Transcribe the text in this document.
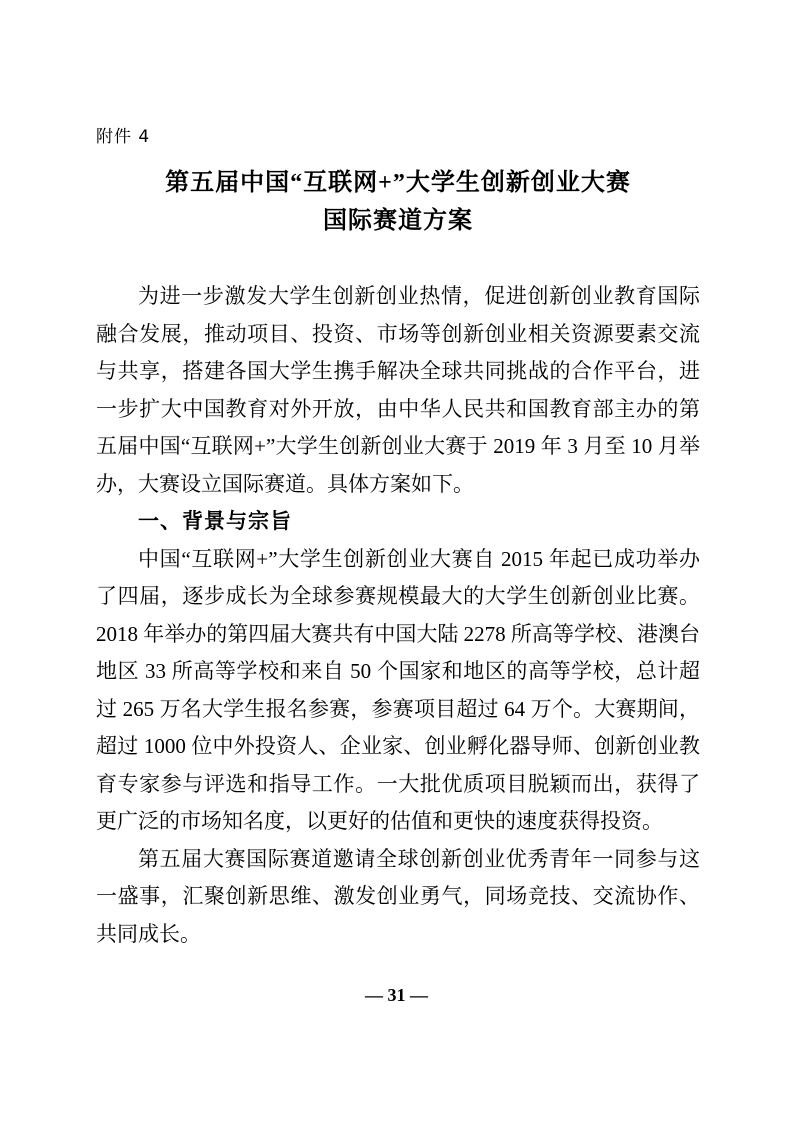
附件 4
第五届中国“互联网+”大学生创新创业大赛
国际赛道方案

为进一步激发大学生创新创业热情，促进创新创业教育国际融合发展，推动项目、投资、市场等创新创业相关资源要素交流与共享，搭建各国大学生携手解决全球共同挑战的合作平台，进一步扩大中国教育对外开放，由中华人民共和国教育部主办的第五届中国“互联网+”大学生创新创业大赛于 2019 年 3 月至 10 月举办，大赛设立国际赛道。具体方案如下。

一、背景与宗旨

中国“互联网+”大学生创新创业大赛自 2015 年起已成功举办了四届，逐步成长为全球参赛规模最大的大学生创新创业比赛。2018 年举办的第四届大赛共有中国大陆 2278 所高等学校、港澳台地区 33 所高等学校和来自 50 个国家和地区的高等学校，总计超过 265 万名大学生报名参赛，参赛项目超过 64 万个。大赛期间，超过 1000 位中外投资人、企业家、创业孵化器导师、创新创业教育专家参与评选和指导工作。一大批优质项目脱颖而出，获得了更广泛的市场知名度，以更好的估值和更快的速度获得投资。

第五届大赛国际赛道邀请全球创新创业优秀青年一同参与这一盛事，汇聚创新思维、激发创业勇气，同场竞技、交流协作、共同成长。

— 31 —
